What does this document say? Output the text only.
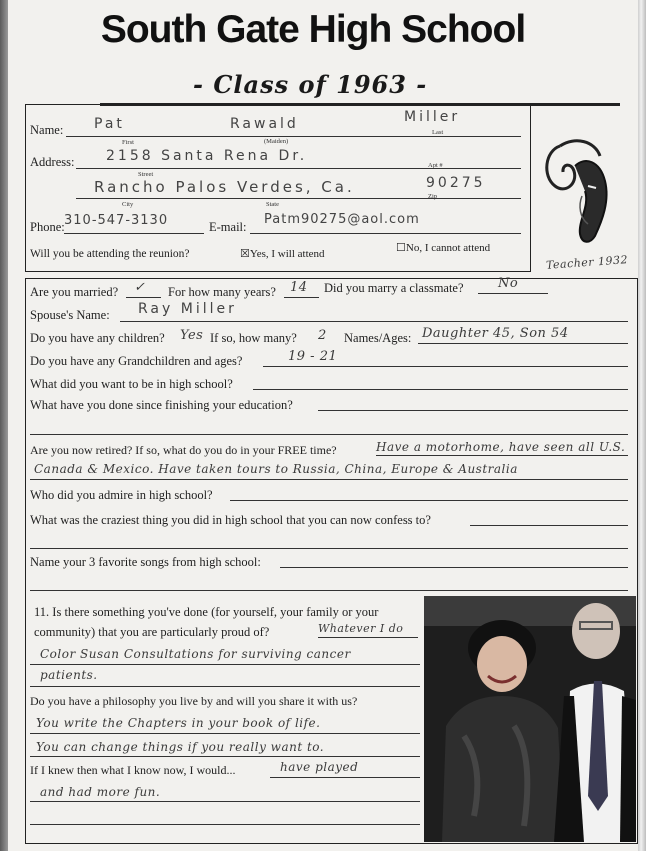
South Gate High School
- Class of 1963 -
Teacher 1932
Name: Pat	Rawald	Miller
First	(Maiden)
Last
Address: 2158 Santa Rena Dr.
Street
Apt #
Rancho Palos Verdes, Ca.	90275
City	State
Zip
Phone: 310-547-3130	E-mail: Patm90275@aol.com
Will you be attending the reunion?	☒Yes, I will attend	☐No, I cannot attend
Are you married? ✓ For how many years? 14 Did you marry a classmate?	No
Spouse's Name: Ray Miller
Do you have any children? Yes If so, how many? 2 Names/Ages: Daughter 45, Son 54
Do you have any Grandchildren and ages?	19 - 21
What did you want to be in high school?
What have you done since finishing your education?
Are you now retired? If so, what do you do in your FREE time?	Have a motorhome, have seen all U.S.
Canada & Mexico. Have taken tours to Russia, China, Europe & Australia
Who did you admire in high school?
What was the craziest thing you did in high school that you can now confess to?
Name your 3 favorite songs from high school:
11. Is there something you've done (for yourself, your family or your
community) that you are particularly proud of?	Whatever I do
Color Susan Consultations for surviving cancer
patients.
Do you have a philosophy you live by and will you share it with us?
You write the Chapters in your book of life.
You can change things if you really want to.
If I knew then what I know now, I would...	have played
and had more fun.
